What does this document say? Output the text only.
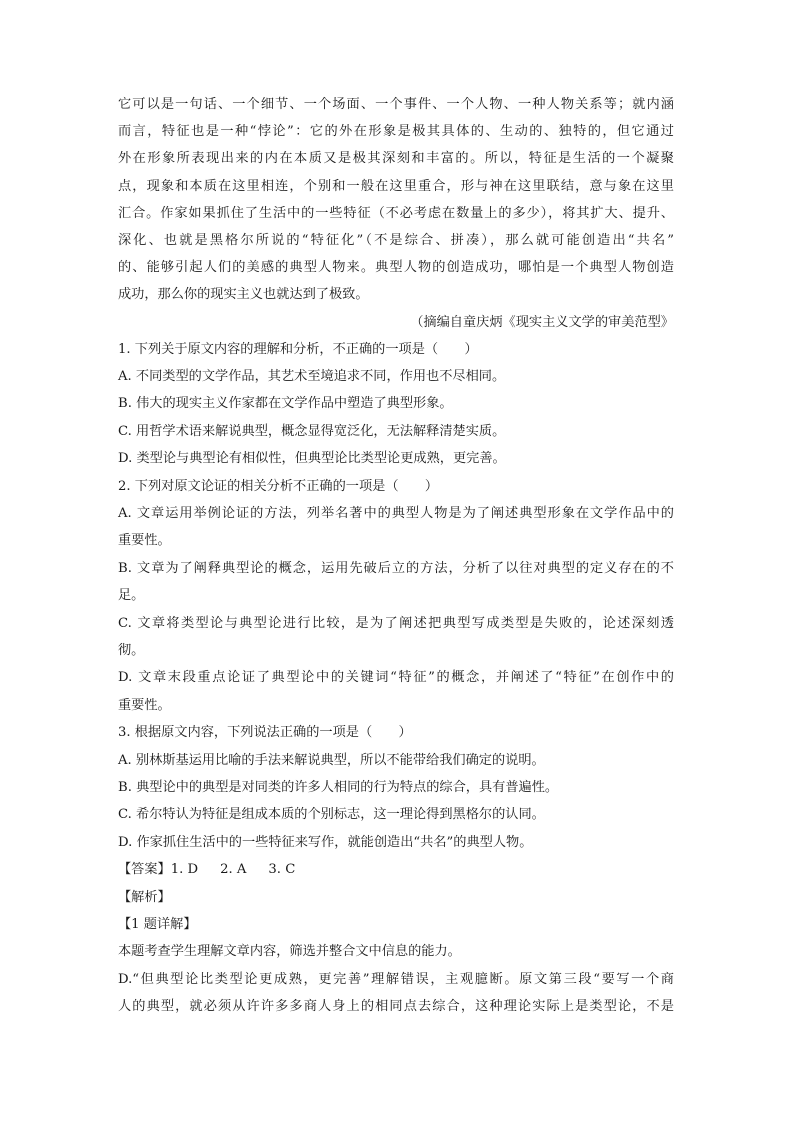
它可以是一句话、一个细节、一个场面、一个事件、一个人物、一种人物关系等；就内涵

而言，特征也是一种“悖论”：它的外在形象是极其具体的、生动的、独特的，但它通过

外在形象所表现出来的内在本质又是极其深刻和丰富的。所以，特征是生活的一个凝聚

点，现象和本质在这里相连，个别和一般在这里重合，形与神在这里联结，意与象在这里

汇合。作家如果抓住了生活中的一些特征（不必考虑在数量上的多少），将其扩大、提升、

深化、也就是黑格尔所说的“特征化”（不是综合、拼凑），那么就可能创造出“共名”

的、能够引起人们的美感的典型人物来。典型人物的创造成功，哪怕是一个典型人物创造

成功，那么你的现实主义也就达到了极致。

（摘编自童庆炳《现实主义文学的审美范型》

1. 下列关于原文内容的理解和分析，不正确的一项是（　　）

A. 不同类型的文学作品，其艺术至境追求不同，作用也不尽相同。

B. 伟大的现实主义作家都在文学作品中塑造了典型形象。

C. 用哲学术语来解说典型，概念显得宽泛化，无法解释清楚实质。

D. 类型论与典型论有相似性，但典型论比类型论更成熟，更完善。

2. 下列对原文论证的相关分析不正确的一项是（　　）

A. 文章运用举例论证的方法，列举名著中的典型人物是为了阐述典型形象在文学作品中的

重要性。

B. 文章为了阐释典型论的概念，运用先破后立的方法，分析了以往对典型的定义存在的不

足。

C. 文章将类型论与典型论进行比较，是为了阐述把典型写成类型是失败的，论述深刻透

彻。

D. 文章末段重点论证了典型论中的关键词“特征”的概念，并阐述了“特征”在创作中的

重要性。

3. 根据原文内容，下列说法正确的一项是（　　）

A. 别林斯基运用比喻的手法来解说典型，所以不能带给我们确定的说明。

B. 典型论中的典型是对同类的许多人相同的行为特点的综合，具有普遍性。

C. 希尔特认为特征是组成本质的个别标志，这一理论得到黑格尔的认同。

D. 作家抓住生活中的一些特征来写作，就能创造出“共名”的典型人物。

【答案】1. D 2. A 3. C

【解析】

【1 题详解】

本题考查学生理解文章内容，筛选并整合文中信息的能力。

D.“但典型论比类型论更成熟，更完善”理解错误，主观臆断。原文第三段“要写一个商

人的典型，就必须从许许多多商人身上的相同点去综合，这种理论实际上是类型论，不是
